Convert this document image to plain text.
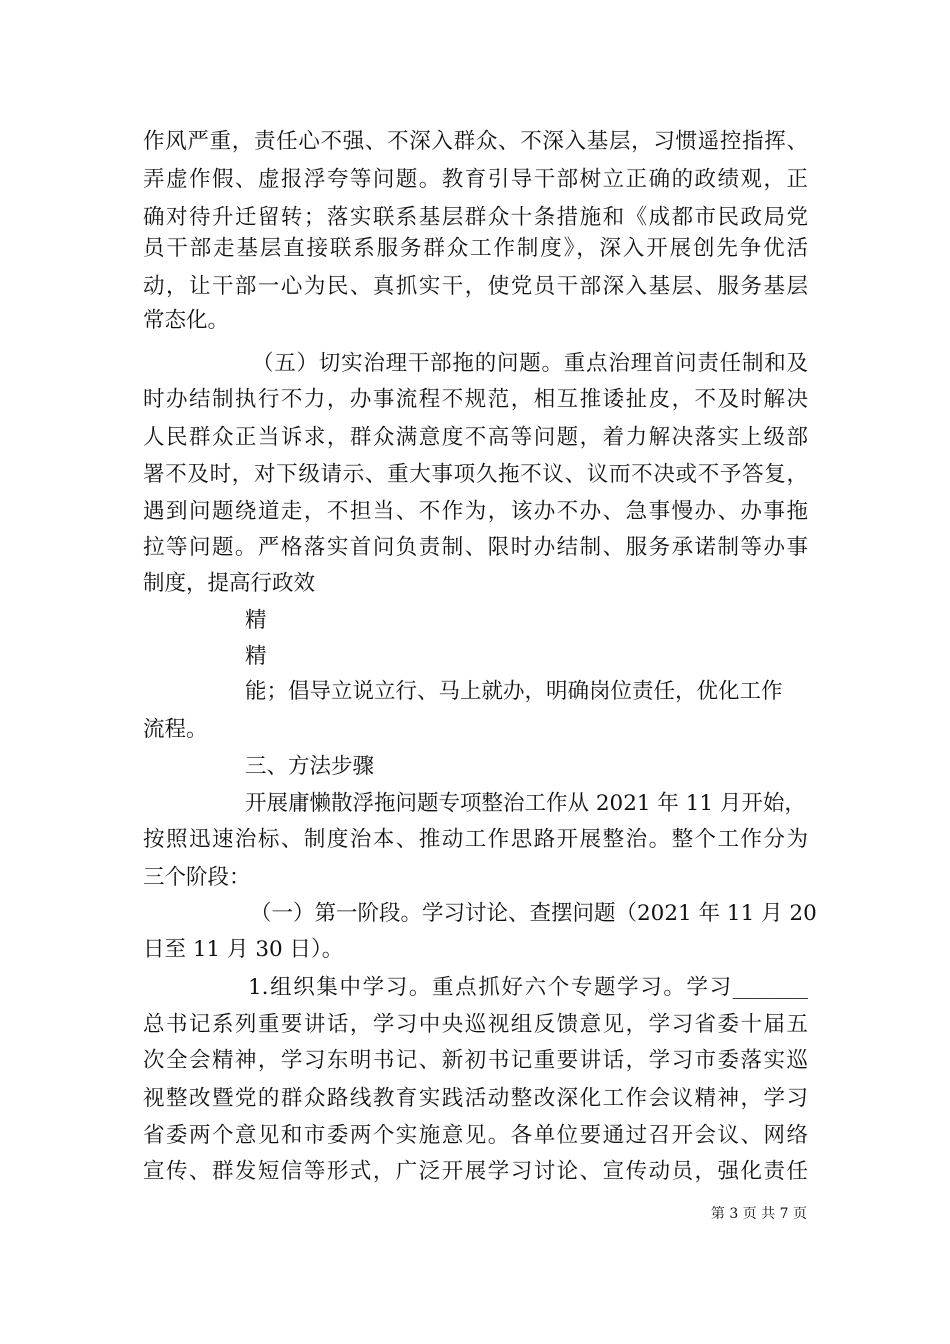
作风严重，责任心不强、不深入群众、不深入基层，习惯遥控指挥、
弄虚作假、虚报浮夸等问题。教育引导干部树立正确的政绩观，正
确对待升迁留转；落实联系基层群众十条措施和《成都市民政局党
员干部走基层直接联系服务群众工作制度》，深入开展创先争优活
动，让干部一心为民、真抓实干，使党员干部深入基层、服务基层
常态化。
（五）切实治理干部拖的问题。重点治理首问责任制和及
时办结制执行不力，办事流程不规范，相互推诿扯皮，不及时解决
人民群众正当诉求，群众满意度不高等问题，着力解决落实上级部
署不及时，对下级请示、重大事项久拖不议、议而不决或不予答复，
遇到问题绕道走，不担当、不作为，该办不办、急事慢办、办事拖
拉等问题。严格落实首问负责制、限时办结制、服务承诺制等办事
制度，提高行政效
精
精
能；倡导立说立行、马上就办，明确岗位责任，优化工作
流程。
三、方法步骤
开展庸懒散浮拖问题专项整治工作从 2021 年 11 月开始，
按照迅速治标、制度治本、推动工作思路开展整治。整个工作分为
三个阶段：
（一）第一阶段。学习讨论、查摆问题（2021 年 11 月 20
日至 11 月 30 日）。
1.组织集中学习。重点抓好六个专题学习。学习_______
总书记系列重要讲话，学习中央巡视组反馈意见，学习省委十届五
次全会精神，学习东明书记、新初书记重要讲话，学习市委落实巡
视整改暨党的群众路线教育实践活动整改深化工作会议精神，学习
省委两个意见和市委两个实施意见。各单位要通过召开会议、网络
宣传、群发短信等形式，广泛开展学习讨论、宣传动员，强化责任
第 3 页 共 7 页
